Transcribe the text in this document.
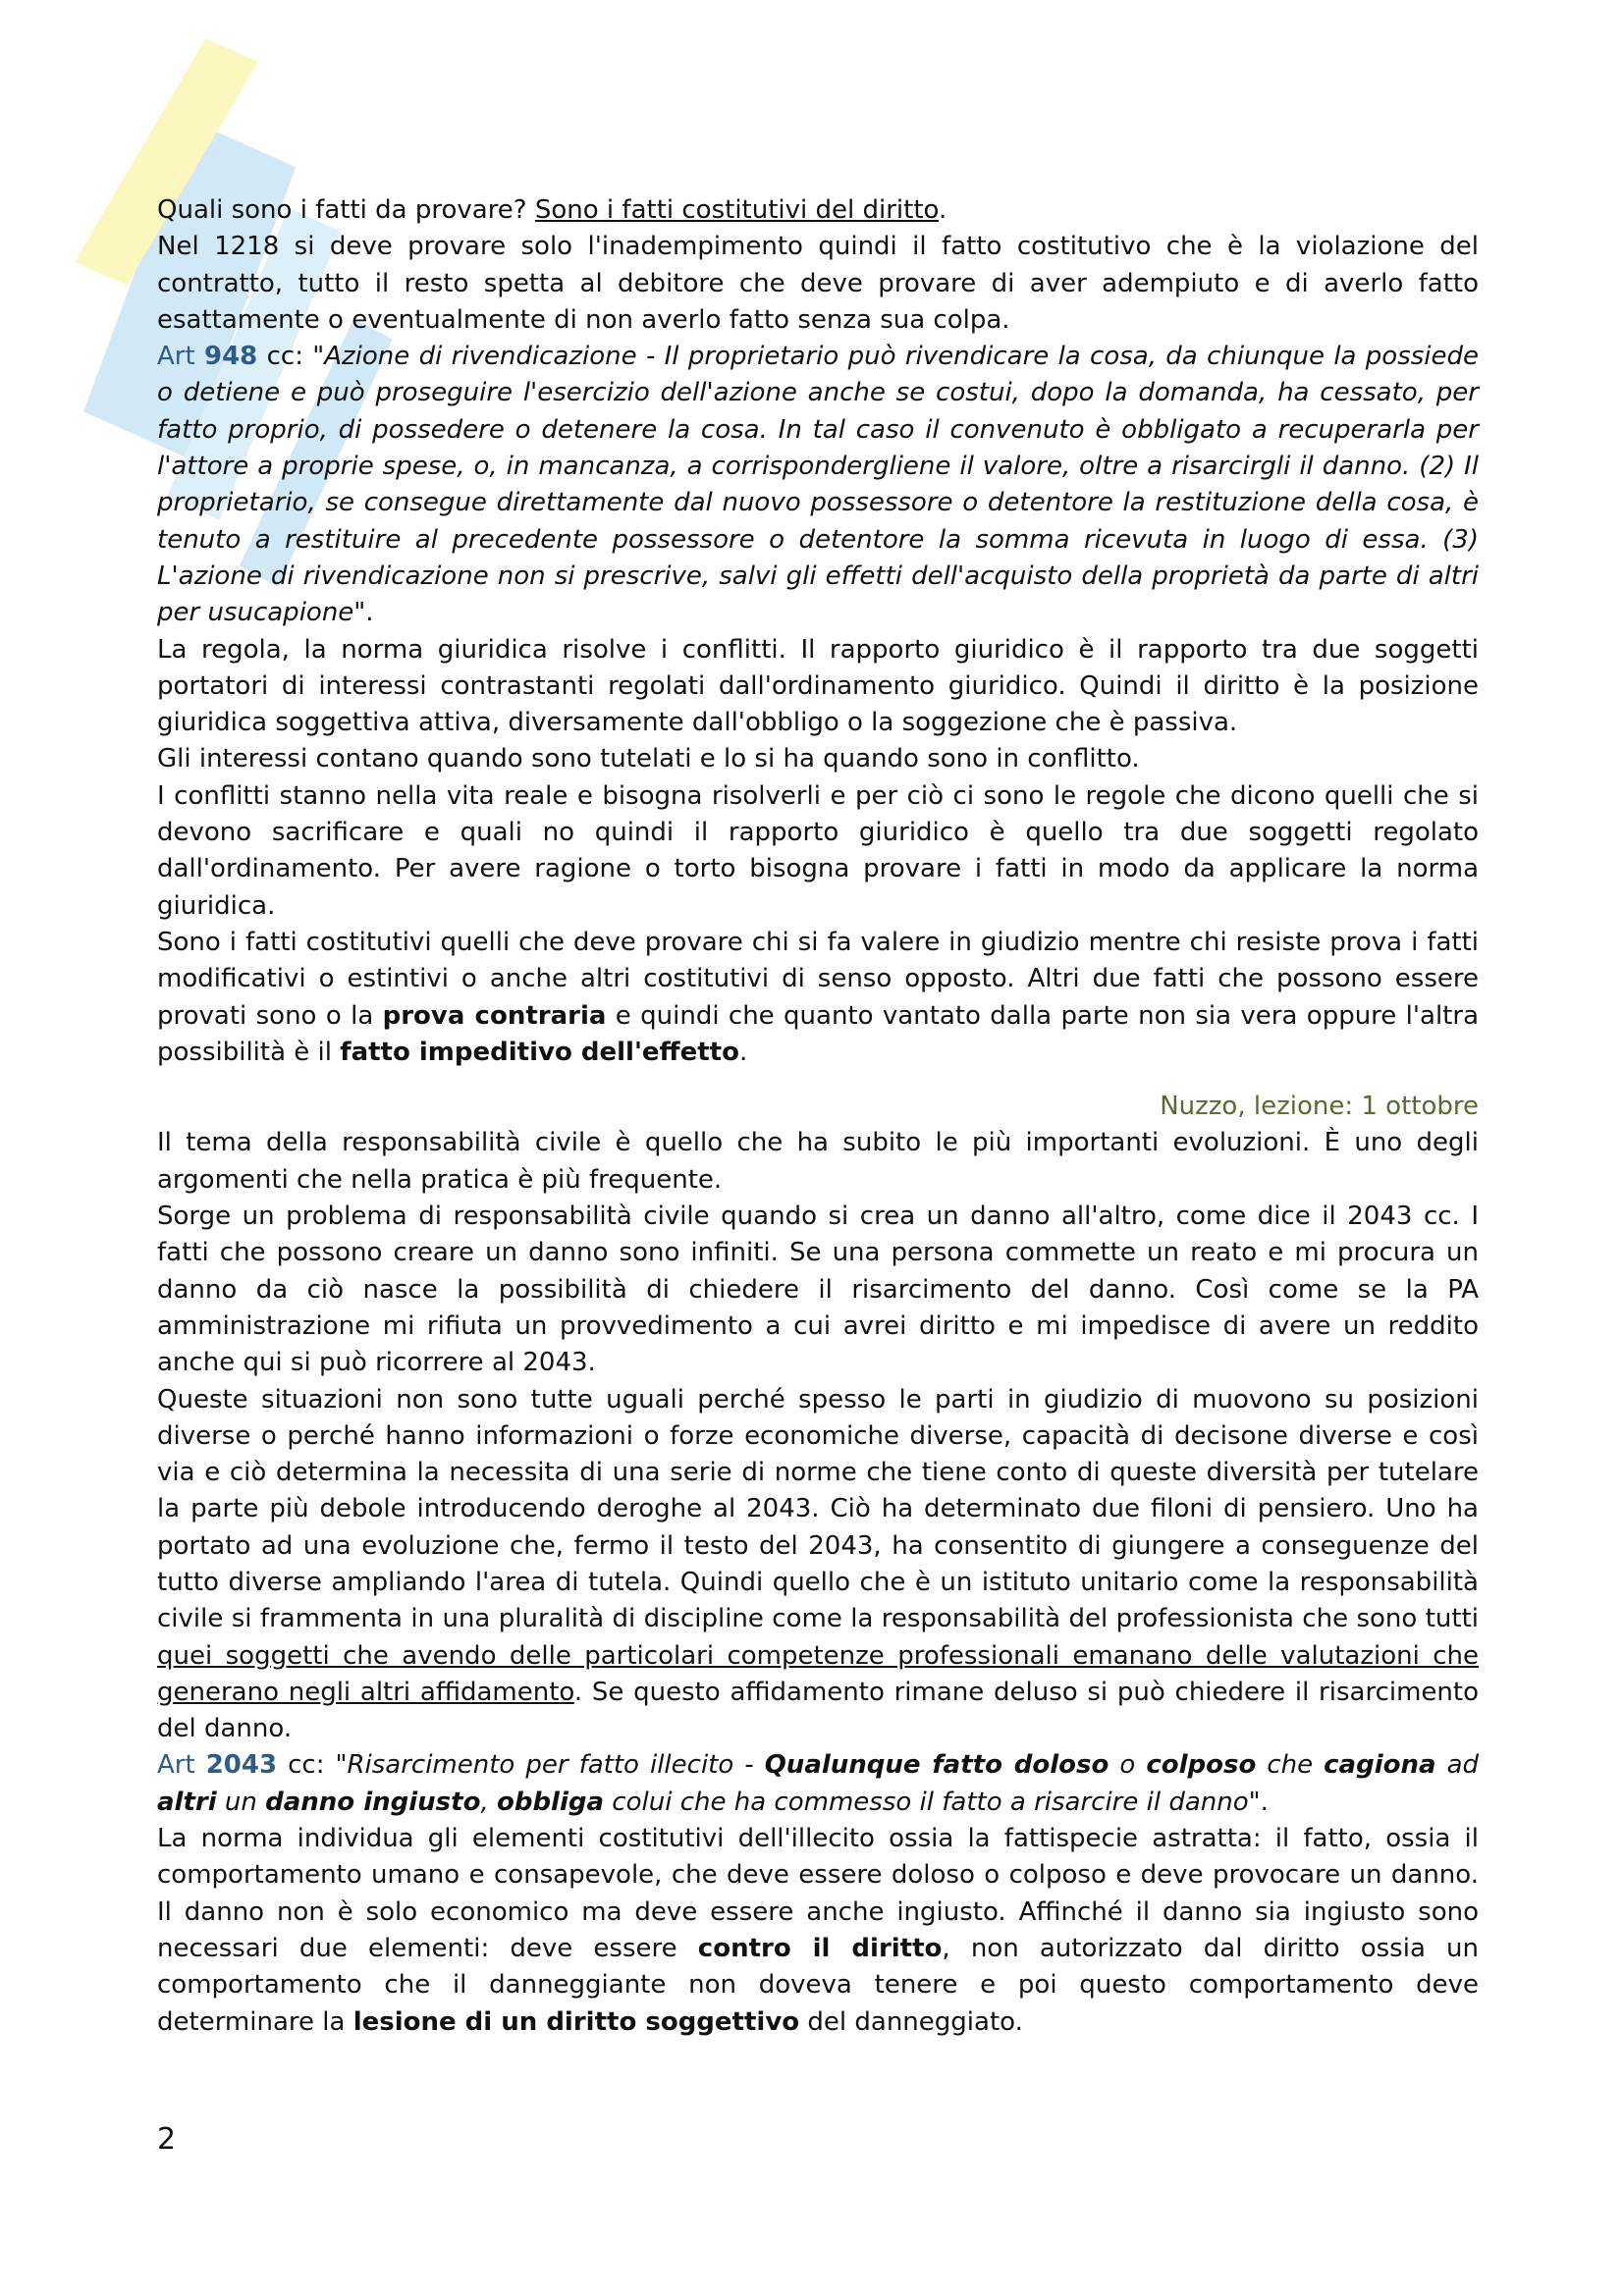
Quali sono i fatti da provare? Sono i fatti costitutivi del diritto.

Nel 1218 si deve provare solo l'inadempimento quindi il fatto costitutivo che è la violazione del contratto, tutto il resto spetta al debitore che deve provare di aver adempiuto e di averlo fatto esattamente o eventualmente di non averlo fatto senza sua colpa.

Art 948 cc: "Azione di rivendicazione - Il proprietario può rivendicare la cosa, da chiunque la possiede o detiene e può proseguire l'esercizio dell'azione anche se costui, dopo la domanda, ha cessato, per fatto proprio, di possedere o detenere la cosa. In tal caso il convenuto è obbligato a recuperarla per l'attore a proprie spese, o, in mancanza, a corrispondergliene il valore, oltre a risarcirgli il danno. (2) Il proprietario, se consegue direttamente dal nuovo possessore o detentore la restituzione della cosa, è tenuto a restituire al precedente possessore o detentore la somma ricevuta in luogo di essa. (3) L'azione di rivendicazione non si prescrive, salvi gli effetti dell'acquisto della proprietà da parte di altri per usucapione".

La regola, la norma giuridica risolve i conflitti. Il rapporto giuridico è il rapporto tra due soggetti portatori di interessi contrastanti regolati dall'ordinamento giuridico. Quindi il diritto è la posizione giuridica soggettiva attiva, diversamente dall'obbligo o la soggezione che è passiva.

Gli interessi contano quando sono tutelati e lo si ha quando sono in conflitto.

I conflitti stanno nella vita reale e bisogna risolverli e per ciò ci sono le regole che dicono quelli che si devono sacrificare e quali no quindi il rapporto giuridico è quello tra due soggetti regolato dall'ordinamento. Per avere ragione o torto bisogna provare i fatti in modo da applicare la norma giuridica.

Sono i fatti costitutivi quelli che deve provare chi si fa valere in giudizio mentre chi resiste prova i fatti modificativi o estintivi o anche altri costitutivi di senso opposto. Altri due fatti che possono essere provati sono o la prova contraria e quindi che quanto vantato dalla parte non sia vera oppure l'altra possibilità è il fatto impeditivo dell'effetto.

Nuzzo, lezione: 1 ottobre

Il tema della responsabilità civile è quello che ha subito le più importanti evoluzioni. È uno degli argomenti che nella pratica è più frequente.

Sorge un problema di responsabilità civile quando si crea un danno all'altro, come dice il 2043 cc. I fatti che possono creare un danno sono infiniti. Se una persona commette un reato e mi procura un danno da ciò nasce la possibilità di chiedere il risarcimento del danno. Così come se la PA amministrazione mi rifiuta un provvedimento a cui avrei diritto e mi impedisce di avere un reddito anche qui si può ricorrere al 2043.

Queste situazioni non sono tutte uguali perché spesso le parti in giudizio di muovono su posizioni diverse o perché hanno informazioni o forze economiche diverse, capacità di decisone diverse e così via e ciò determina la necessita di una serie di norme che tiene conto di queste diversità per tutelare la parte più debole introducendo deroghe al 2043. Ciò ha determinato due filoni di pensiero. Uno ha portato ad una evoluzione che, fermo il testo del 2043, ha consentito di giungere a conseguenze del tutto diverse ampliando l'area di tutela. Quindi quello che è un istituto unitario come la responsabilità civile si frammenta in una pluralità di discipline come la responsabilità del professionista che sono tutti quei soggetti che avendo delle particolari competenze professionali emanano delle valutazioni che generano negli altri affidamento. Se questo affidamento rimane deluso si può chiedere il risarcimento del danno.

Art 2043 cc: "Risarcimento per fatto illecito - Qualunque fatto doloso o colposo che cagiona ad altri un danno ingiusto, obbliga colui che ha commesso il fatto a risarcire il danno".

La norma individua gli elementi costitutivi dell'illecito ossia la fattispecie astratta: il fatto, ossia il comportamento umano e consapevole, che deve essere doloso o colposo e deve provocare un danno. Il danno non è solo economico ma deve essere anche ingiusto. Affinché il danno sia ingiusto sono necessari due elementi: deve essere contro il diritto, non autorizzato dal diritto ossia un comportamento che il danneggiante non doveva tenere e poi questo comportamento deve determinare la lesione di un diritto soggettivo del danneggiato.

2
